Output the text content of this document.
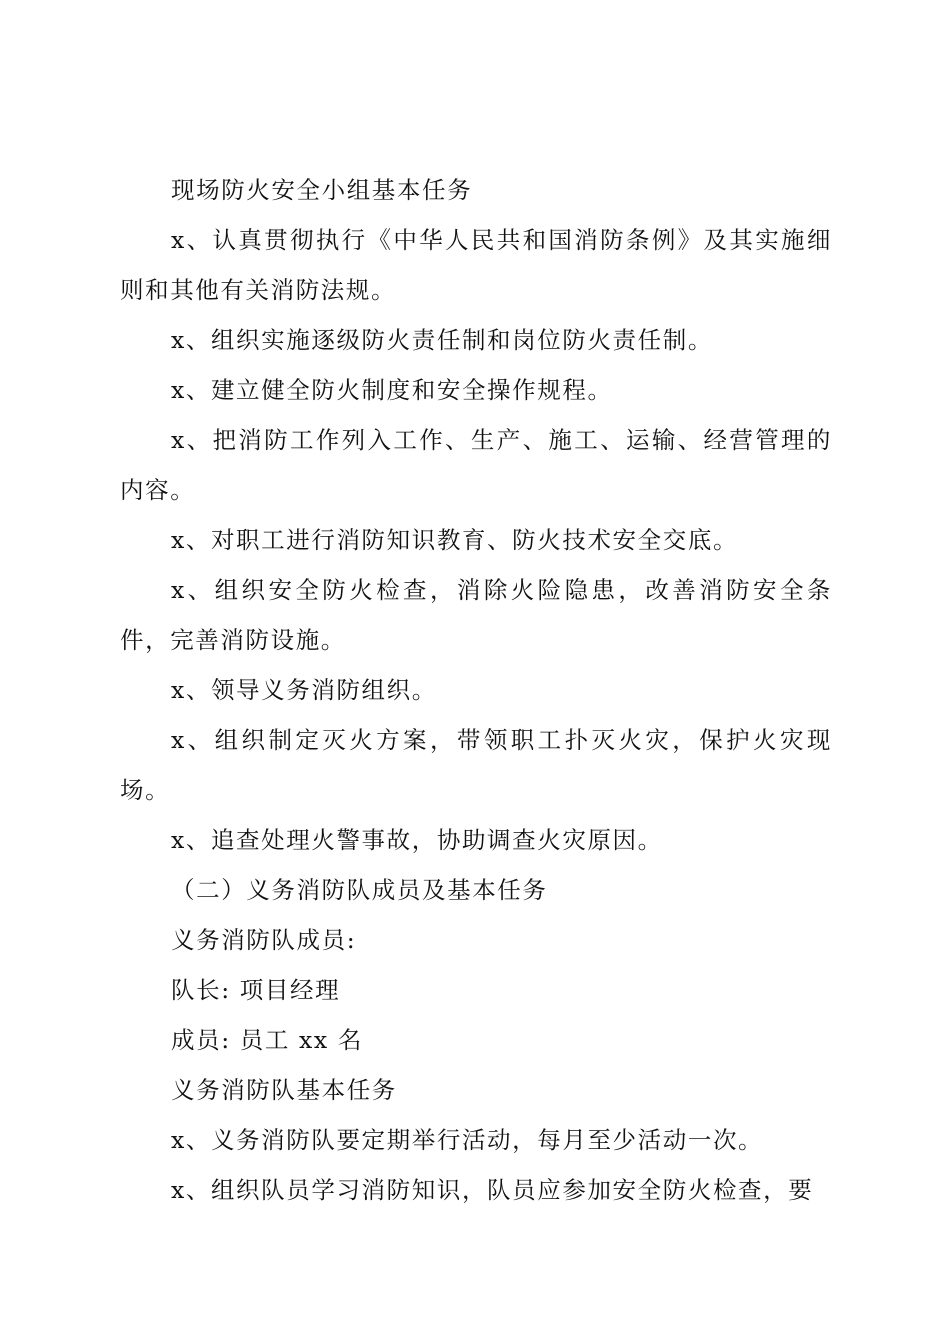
现场防火安全小组基本任务

x、认真贯彻执行《中华人民共和国消防条例》及其实施细则和其他有关消防法规。

x、组织实施逐级防火责任制和岗位防火责任制。

x、建立健全防火制度和安全操作规程。

x、把消防工作列入工作、生产、施工、运输、经营管理的内容。

x、对职工进行消防知识教育、防火技术安全交底。

x、组织安全防火检查，消除火险隐患，改善消防安全条件，完善消防设施。

x、领导义务消防组织。

x、组织制定灭火方案，带领职工扑灭火灾，保护火灾现场。

x、追查处理火警事故，协助调查火灾原因。

（二）义务消防队成员及基本任务

义务消防队成员:

队长: 项目经理

成员: 员工 xx 名

义务消防队基本任务

x、义务消防队要定期举行活动，每月至少活动一次。

x、组织队员学习消防知识，队员应参加安全防火检查，要
